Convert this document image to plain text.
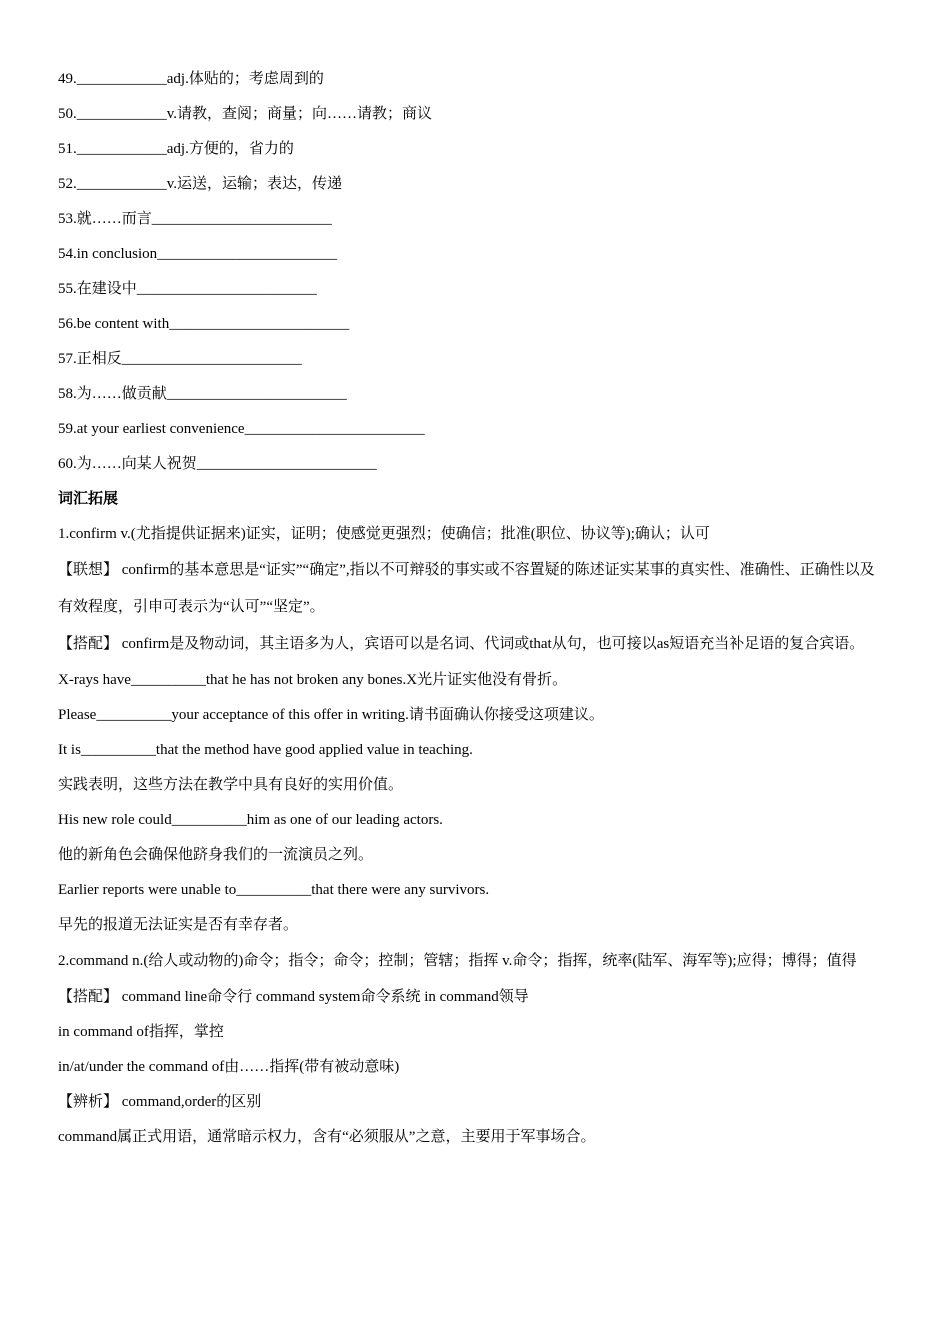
49.____________adj.体贴的；考虑周到的
50.____________v.请教，查阅；商量；向……请教；商议
51.____________adj.方便的，省力的
52.____________v.运送，运输；表达，传递
53.就……而言________________________
54.in conclusion________________________
55.在建设中________________________
56.be content with________________________
57.正相反________________________
58.为……做贡献________________________
59.at your earliest convenience________________________
60.为……向某人祝贺________________________
词汇拓展
1.confirm v.(尤指提供证据来)证实，证明；使感觉更强烈；使确信；批准(职位、协议等);确认；认可
【联想】 confirm的基本意思是“证实”“确定”,指以不可辩驳的事实或不容置疑的陈述证实某事的真实性、准确性、正确性以及有效程度，引申可表示为“认可”“坚定”。
【搭配】 confirm是及物动词，其主语多为人，宾语可以是名词、代词或that从句，也可接以as短语充当补足语的复合宾语。
X-rays have__________that he has not broken any bones.X光片证实他没有骨折。
Please__________your acceptance of this offer in writing.请书面确认你接受这项建议。
It is__________that the method have good applied value in teaching.
实践表明，这些方法在教学中具有良好的实用价值。
His new role could__________him as one of our leading actors.
他的新角色会确保他跻身我们的一流演员之列。
Earlier reports were unable to__________that there were any survivors.
早先的报道无法证实是否有幸存者。
2.command n.(给人或动物的)命令；指令；命令；控制；管辖；指挥 v.命令；指挥，统率(陆军、海军等);应得；博得；值得
【搭配】 command line命令行 command system命令系统 in command领导
in command of指挥，掌控
in/at/under the command of由……指挥(带有被动意味)
【辨析】 command,order的区别
command属正式用语，通常暗示权力，含有“必须服从”之意，主要用于军事场合。
